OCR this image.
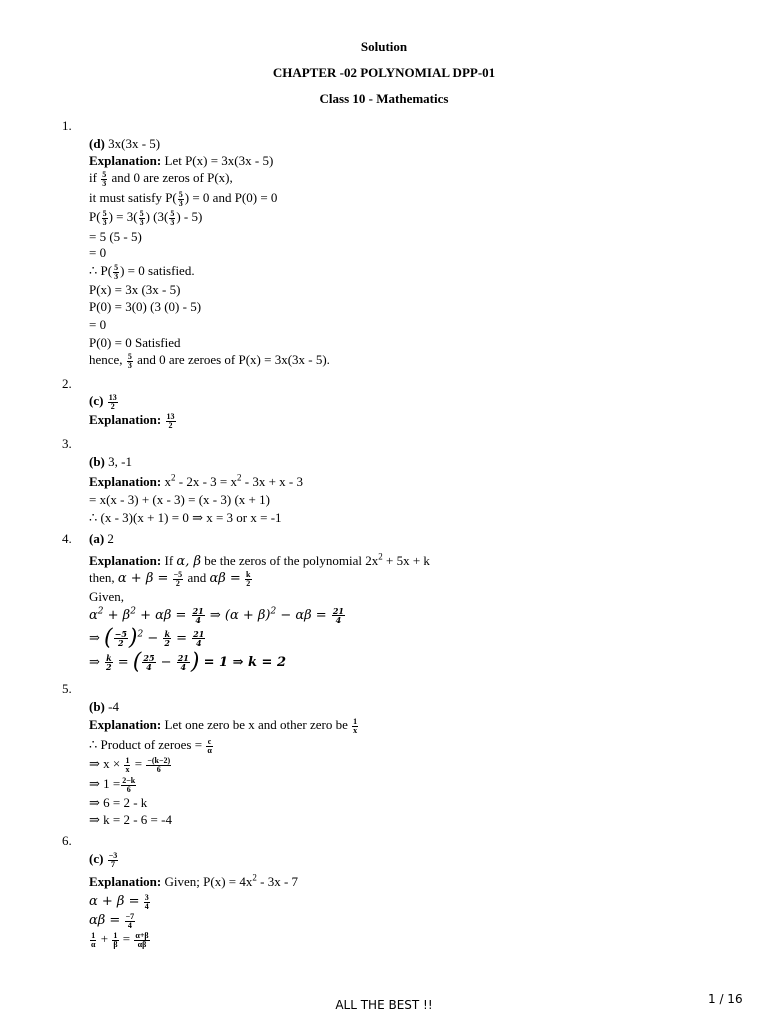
Solution
CHAPTER -02 POLYNOMIAL DPP-01
Class 10 - Mathematics
1.
(d) 3x(3x - 5)
Explanation: Let P(x) = 3x(3x - 5)
if $\frac{5}{3}$ and 0 are zeros of P(x),
it must satisfy $P( \frac{5}{3}$ ) = 0 and P(0) = 0
$P( \frac{5}{3}$ ) = $3( \frac{5}{3}$ ) ($3( \frac{5}{3}$ ) - 5)
= 5 (5 - 5)
= 0
∴ $P( \frac{5}{3}$ ) = 0 satisfied.
P(x) = 3x (3x - 5)
P(0) = 3(0) (3 (0) - 5)
= 0
P(0) = 0 Satisfied
hence, $\frac{5}{3}$ and 0 are zeroes of P(x) = 3x(3x - 5).
2.
$(c) \frac{13}{2}$
Explanation: $\frac{13}{2}$
3.
(b) 3, -1
Explanation: $x^2 - 2x - 3 = x^2 - 3x + x - 3$
= x(x - 3) + (x - 3) = (x - 3) (x + 1)
∴ (x - 3)(x + 1) = 0 ⇒ x = 3 or x = -1
4. (a) 2
Explanation: If α, β be the zeros of the polynomial $2x^2 + 5x + k$
then, $\alpha + \beta = \frac{-5}{2}$ and $\alpha\beta = \frac{k}{2}$
Given,
$\alpha^2 + \beta^2 + \alpha\beta = \frac{21}{4}$ ⇒ $(\alpha + \beta)^2 - \alpha\beta = \frac{21}{4}$
⇒ ( $\frac{-5}{2} )^2 - \frac{k}{2} = \frac{21}{4}$
⇒ $\frac{k}{2}$ = ( $\frac{25}{4} - \frac{21}{4}$ ) = 1 ⇒ k = 2
5.
(b) -4
Explanation: Let one zero be x and other zero be $\frac{1}{x}$
∴ Product of zeroes = $\frac{c}{\alpha}$
⇒ $x \times \frac{1}{x} = \frac{-(k-2)}{6}$
⇒ $1 = \frac{2-k}{6}$
⇒ 6 = 2 - k
⇒ k = 2 - 6 = -4
6.
$(c) \frac{-3}{7}$
Explanation: Given; $P(x) = 4x^2 - 3x - 7$
$\alpha + \beta = \frac{3}{4}$
$\alpha\beta = \frac{-7}{4}$
$\frac{1}{\alpha} + \frac{1}{\beta} = \frac{\alpha+\beta}{\alpha\beta}$
ALL THE BEST !!	1 / 16
